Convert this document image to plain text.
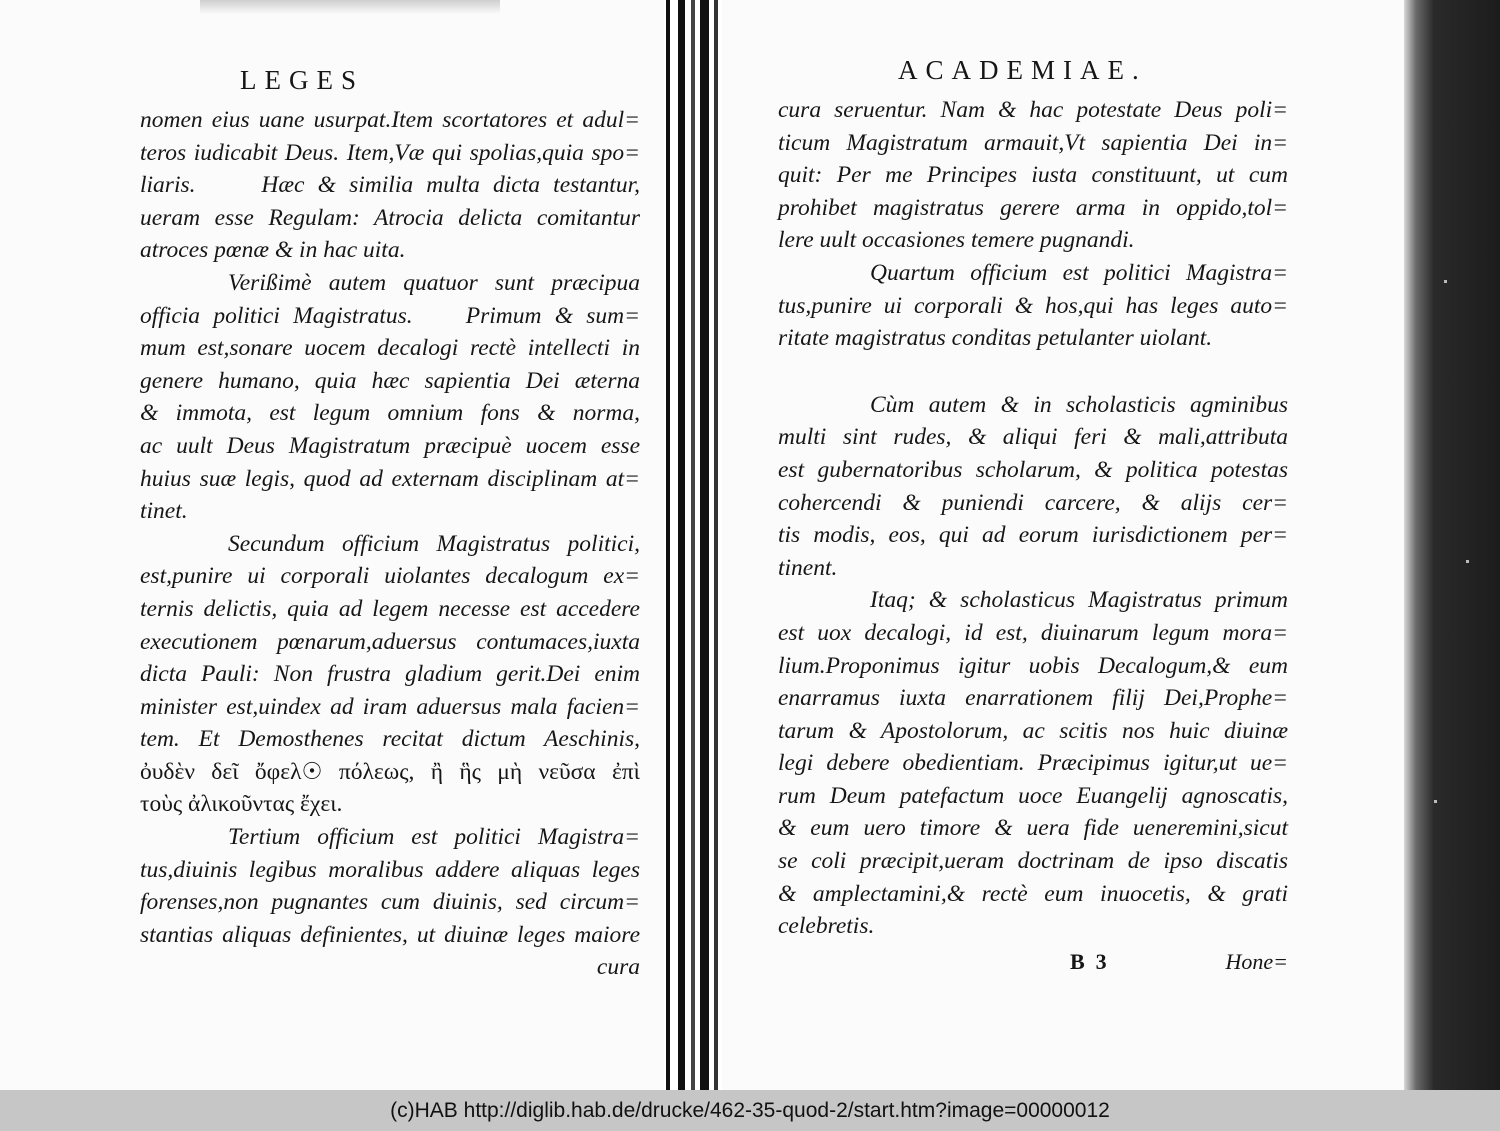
LEGES
nomen eius uane usurpat.Item scortatores et adul=
teros iudicabit Deus. Item,Væ qui spolias,quia spo=
liaris.     Hæc & similia multa dicta testantur,
ueram esse Regulam: Atrocia delicta comitantur
atroces pœnæ & in hac uita.
Verißimè autem quatuor sunt præcipua
officia politici Magistratus.    Primum & sum=
mum est,sonare uocem decalogi rectè intellecti in
genere humano, quia hæc sapientia Dei æterna
& immota, est legum omnium fons & norma,
ac uult Deus Magistratum præcipuè uocem esse
huius suæ legis, quod ad externam disciplinam at=
tinet.
Secundum officium Magistratus politici,
est,punire ui corporali uiolantes decalogum ex=
ternis delictis, quia ad legem necesse est accedere
executionem pœnarum,aduersus contumaces,iuxta
dicta Pauli: Non frustra gladium gerit.Dei enim
minister est,uindex ad iram aduersus mala facien=
tem. Et Demosthenes recitat dictum Aeschinis,
ὀυδὲν δεῖ ὄφελ☉ πόλεως, ἢ ἣς μὴ νεῦσα ἐπὶ
τοὺς ἀλικοῦντας ἔχει.
Tertium officium est politici Magistra=
tus,diuinis legibus moralibus addere aliquas leges
forenses,non pugnantes cum diuinis, sed circum=
stantias aliquas definientes, ut diuinæ leges maiore
cura
ACADEMIAE.
cura seruentur. Nam & hac potestate Deus poli=
ticum Magistratum armauit,Vt sapientia Dei in=
quit: Per me Principes iusta constituunt, ut cum
prohibet magistratus gerere arma in oppido,tol=
lere uult occasiones temere pugnandi.
Quartum officium est politici Magistra=
tus,punire ui corporali & hos,qui has leges auto=
ritate magistratus conditas petulanter uiolant.
Cùm autem & in scholasticis agminibus
multi sint rudes, & aliqui feri & mali,attributa
est gubernatoribus scholarum, & politica potestas
cohercendi & puniendi carcere, & alijs cer=
tis modis, eos, qui ad eorum iurisdictionem per=
tinent.
Itaq; & scholasticus Magistratus primum
est uox decalogi, id est, diuinarum legum mora=
lium.Proponimus igitur uobis Decalogum,& eum
enarramus iuxta enarrationem filij Dei,Prophe=
tarum & Apostolorum, ac scitis nos huic diuinæ
legi debere obedientiam. Præcipimus igitur,ut ue=
rum Deum patefactum uoce Euangelij agnoscatis,
& eum uero timore & uera fide ueneremini,sicut
se coli præcipit,ueram doctrinam de ipso discatis
& amplectamini,& rectè eum inuocetis, & grati
celebretis.
B  3	Hone=
(c)HAB http://diglib.hab.de/drucke/462-35-quod-2/start.htm?image=00000012
